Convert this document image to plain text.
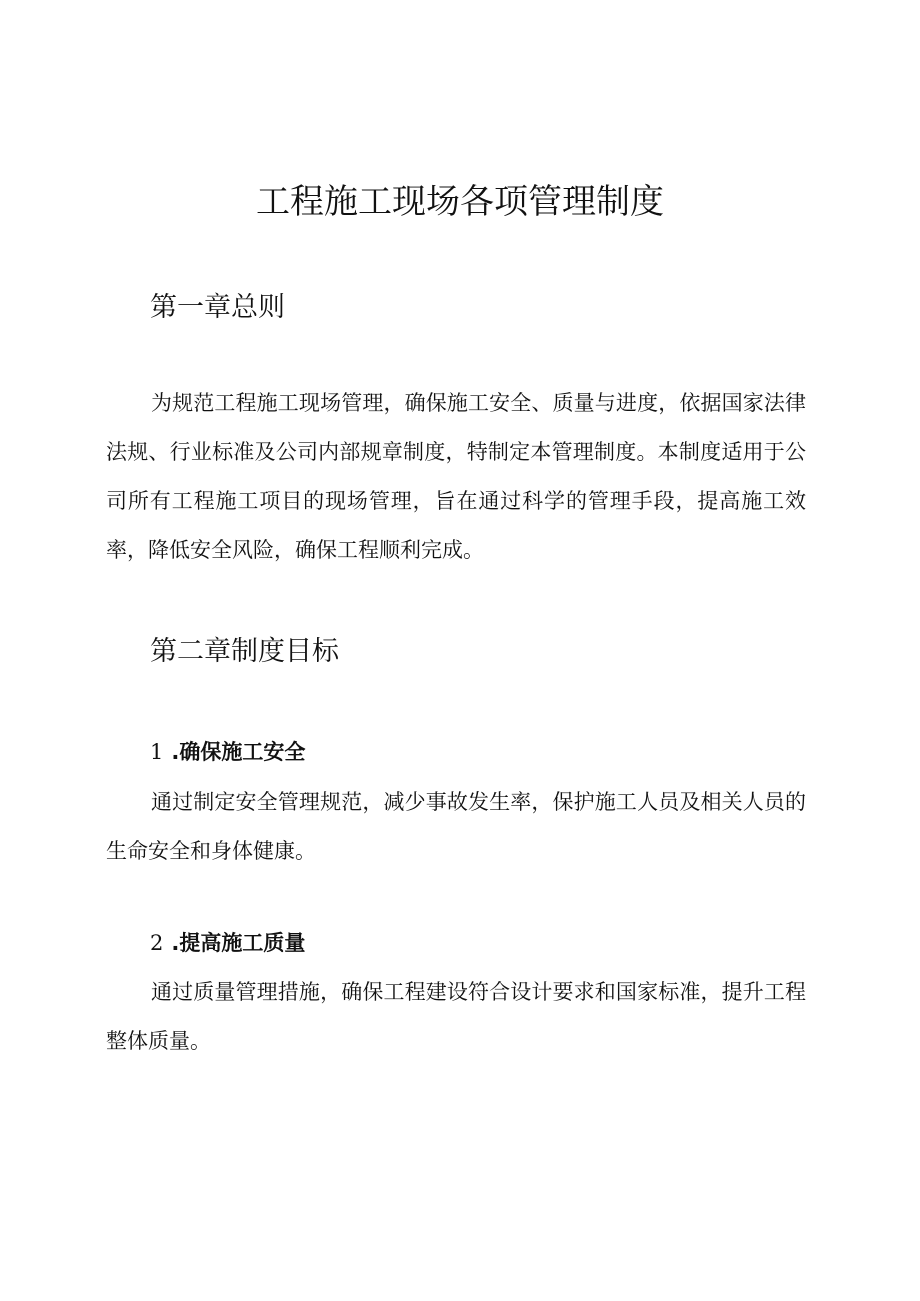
工程施工现场各项管理制度
第一章总则

为规范工程施工现场管理，确保施工安全、质量与进度，依据国家法律法规、行业标准及公司内部规章制度，特制定本管理制度。本制度适用于公司所有工程施工项目的现场管理，旨在通过科学的管理手段，提高施工效率，降低安全风险，确保工程顺利完成。

第二章制度目标
1 .确保施工安全

通过制定安全管理规范，减少事故发生率，保护施工人员及相关人员的生命安全和身体健康。

2 .提高施工质量

通过质量管理措施，确保工程建设符合设计要求和国家标准，提升工程整体质量。
